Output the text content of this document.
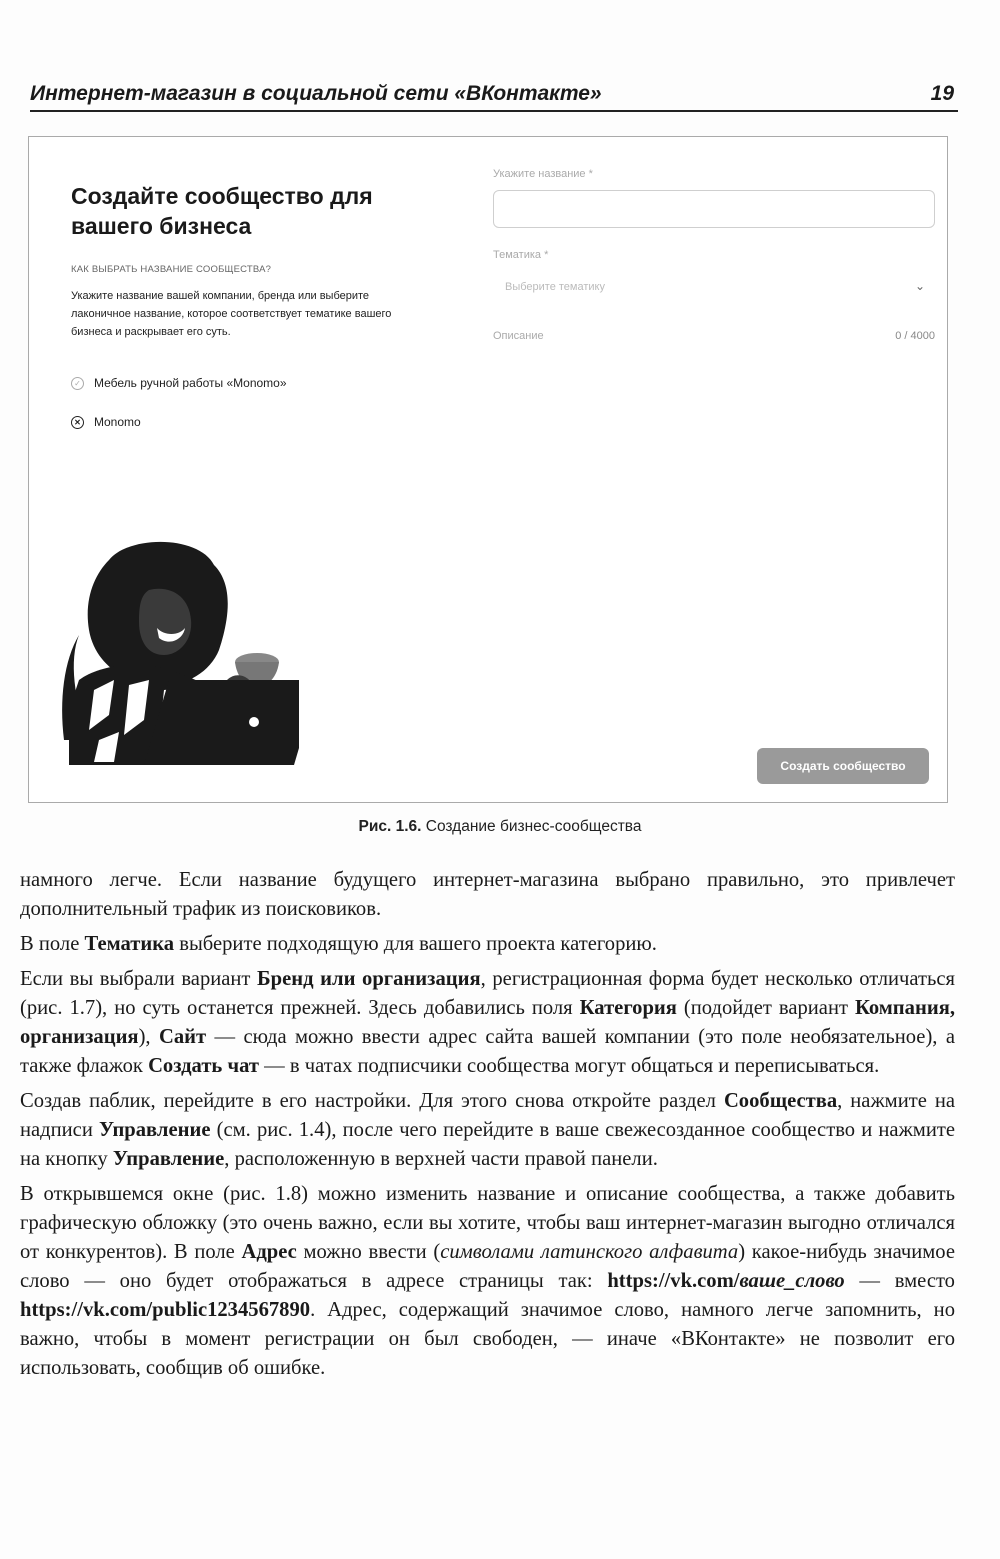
Интернет-магазин в социальной сети «ВКонтакте»	19
Создайте сообщество для вашего бизнеса
КАК ВЫБРАТЬ НАЗВАНИЕ СООБЩЕСТВА?
Укажите название вашей компании, бренда или выберите лаконичное название, которое соответствует тематике вашего бизнеса и раскрывает его суть.
✓ Мебель ручной работы «Monomo»
✕ Monomo
Укажите название *
Тематика *
Выберите тематику	⌄
Описание	0 / 4000
Создать сообщество
Рис. 1.6. Создание бизнес-сообщества

намного легче. Если название будущего интернет-магазина выбрано правильно, это привлечет дополнительный трафик из поисковиков.

В поле Тематика выберите подходящую для вашего проекта категорию.

Если вы выбрали вариант Бренд или организация, регистрационная форма будет несколько отличаться (рис. 1.7), но суть останется прежней. Здесь добавились поля Категория (подойдет вариант Компания, организация), Сайт — сюда можно ввести адрес сайта вашей компании (это поле необязательное), а также флажок Создать чат — в чатах подписчики сообщества могут общаться и переписываться.

Создав паблик, перейдите в его настройки. Для этого снова откройте раздел Сообщества, нажмите на надписи Управление (см. рис. 1.4), после чего перейдите в ваше свежесозданное сообщество и нажмите на кнопку Управление, расположенную в верхней части правой панели.

В открывшемся окне (рис. 1.8) можно изменить название и описание сообщества, а также добавить графическую обложку (это очень важно, если вы хотите, чтобы ваш интернет-магазин выгодно отличался от конкурентов). В поле Адрес можно ввести (символами латинского алфавита) какое-нибудь значимое слово — оно будет отображаться в адресе страницы так: https://vk.com/ваше_слово — вместо https://vk.com/public1234567890. Адрес, содержащий значимое слово, намного легче запомнить, но важно, чтобы в момент регистрации он был свободен, — иначе «ВКонтакте» не позволит его использовать, сообщив об ошибке.
